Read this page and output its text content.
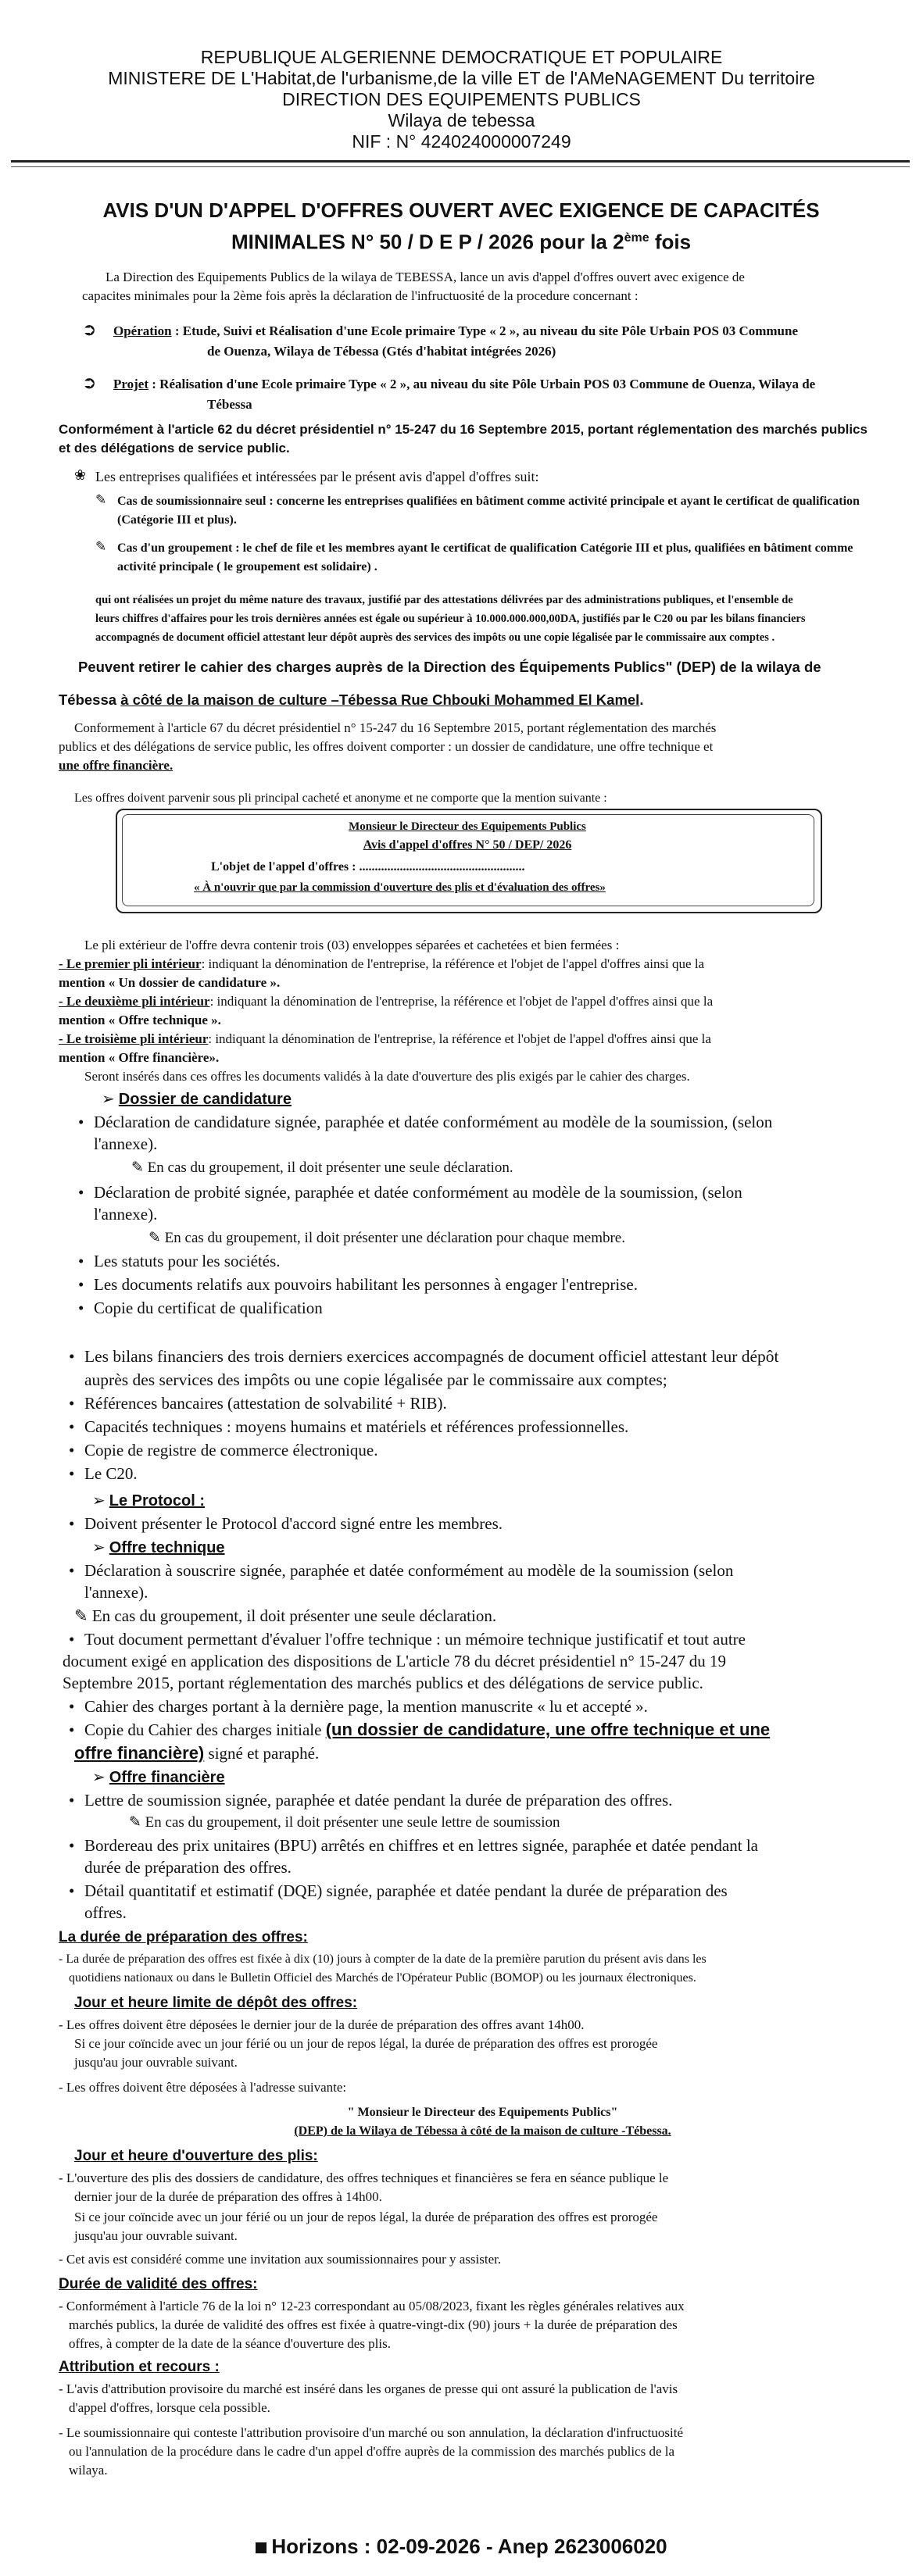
REPUBLIQUE ALGERIENNE DEMOCRATIQUE ET POPULAIRE
MINISTERE DE L'Habitat,de l'urbanisme,de la ville ET de l'AMeNAGEMENT Du territoire
DIRECTION DES EQUIPEMENTS PUBLICS
Wilaya de tebessa
NIF : N° 424024000007249
AVIS D'UN D'APPEL D'OFFRES OUVERT AVEC EXIGENCE DE CAPACITÉS
MINIMALES N° 50 / D E P / 2026 pour la 2ème fois
La Direction des Equipements Publics de la wilaya de TEBESSA, lance un avis d'appel d'offres ouvert avec exigence de
capacites minimales pour la 2ème fois après la déclaration de l'infructuosité de la procedure concernant :
➲ Opération : Etude, Suivi et Réalisation d'une Ecole primaire Type « 2 », au niveau du site Pôle Urbain POS 03 Commune
de Ouenza, Wilaya de Tébessa (Gtés d'habitat intégrées 2026)
➲ Projet : Réalisation d'une Ecole primaire Type « 2 », au niveau du site Pôle Urbain POS 03 Commune de Ouenza, Wilaya de
Tébessa
Conformément à l'article 62 du décret présidentiel n° 15-247 du 16 Septembre 2015, portant réglementation des marchés publics
et des délégations de service public.
❀ Les entreprises qualifiées et intéressées par le présent avis d'appel d'offres suit:
✎ Cas de soumissionnaire seul : concerne les entreprises qualifiées en bâtiment comme activité principale et ayant le certificat de qualification
(Catégorie III et plus).
✎ Cas d'un groupement : le chef de file et les membres ayant le certificat de qualification Catégorie III et plus, qualifiées en bâtiment comme
activité principale ( le groupement est solidaire) .
qui ont réalisées un projet du même nature des travaux, justifié par des attestations délivrées par des administrations publiques, et l'ensemble de
leurs chiffres d'affaires pour les trois dernières années est égale ou supérieur à 10.000.000.000,00DA, justifiés par le C20 ou par les bilans financiers
accompagnés de document officiel attestant leur dépôt auprès des services des impôts ou une copie légalisée par le commissaire aux comptes .
Peuvent retirer le cahier des charges auprès de la Direction des Équipements Publics" (DEP) de la wilaya de
Tébessa à côté de la maison de culture –Tébessa Rue Chbouki Mohammed El Kamel.
Conformement à l'article 67 du décret présidentiel n° 15-247 du 16 Septembre 2015, portant réglementation des marchés
publics et des délégations de service public, les offres doivent comporter : un dossier de candidature, une offre technique et
une offre financière.
Les offres doivent parvenir sous pli principal cacheté et anonyme et ne comporte que la mention suivante :
Monsieur le Directeur des Equipements Publics
Avis d'appel d'offres N° 50 / DEP/ 2026
L'objet de l'appel d'offres : .....................................................
« À n'ouvrir que par la commission d'ouverture des plis et d'évaluation des offres»
Le pli extérieur de l'offre devra contenir trois (03) enveloppes séparées et cachetées et bien fermées :
- Le premier pli intérieur: indiquant la dénomination de l'entreprise, la référence et l'objet de l'appel d'offres ainsi que la
mention « Un dossier de candidature ».
- Le deuxième pli intérieur: indiquant la dénomination de l'entreprise, la référence et l'objet de l'appel d'offres ainsi que la
mention « Offre technique ».
- Le troisième pli intérieur: indiquant la dénomination de l'entreprise, la référence et l'objet de l'appel d'offres ainsi que la
mention « Offre financière».
Seront insérés dans ces offres les documents validés à la date d'ouverture des plis exigés par le cahier des charges.
➢ Dossier de candidature
• Déclaration de candidature signée, paraphée et datée conformément au modèle de la soumission, (selon
l'annexe).
✎ En cas du groupement, il doit présenter une seule déclaration.
• Déclaration de probité signée, paraphée et datée conformément au modèle de la soumission, (selon
l'annexe).
✎ En cas du groupement, il doit présenter une déclaration pour chaque membre.
• Les statuts pour les sociétés.
• Les documents relatifs aux pouvoirs habilitant les personnes à engager l'entreprise.
• Copie du certificat de qualification
• Les bilans financiers des trois derniers exercices accompagnés de document officiel attestant leur dépôt
auprès des services des impôts ou une copie légalisée par le commissaire aux comptes;
• Références bancaires (attestation de solvabilité + RIB).
• Capacités techniques : moyens humains et matériels et références professionnelles.
• Copie de registre de commerce électronique.
• Le C20.
➢ Le Protocol :
• Doivent présenter le Protocol d'accord signé entre les membres.
➢ Offre technique
• Déclaration à souscrire signée, paraphée et datée conformément au modèle de la soumission (selon
l'annexe).
✎ En cas du groupement, il doit présenter une seule déclaration.
• Tout document permettant d'évaluer l'offre technique : un mémoire technique justificatif et tout autre
document exigé en application des dispositions de L'article 78 du décret présidentiel n° 15-247 du 19
Septembre 2015, portant réglementation des marchés publics et des délégations de service public.
• Cahier des charges portant à la dernière page, la mention manuscrite « lu et accepté ».
• Copie du Cahier des charges initiale (un dossier de candidature, une offre technique et une
offre financière) signé et paraphé.
➢ Offre financière
• Lettre de soumission signée, paraphée et datée pendant la durée de préparation des offres.
✎ En cas du groupement, il doit présenter une seule lettre de soumission
• Bordereau des prix unitaires (BPU) arrêtés en chiffres et en lettres signée, paraphée et datée pendant la
durée de préparation des offres.
• Détail quantitatif et estimatif (DQE) signée, paraphée et datée pendant la durée de préparation des
offres.
La durée de préparation des offres:
- La durée de préparation des offres est fixée à dix (10) jours à compter de la date de la première parution du présent avis dans les
quotidiens nationaux ou dans le Bulletin Officiel des Marchés de l'Opérateur Public (BOMOP) ou les journaux électroniques.
Jour et heure limite de dépôt des offres:
- Les offres doivent être déposées le dernier jour de la durée de préparation des offres avant 14h00.
Si ce jour coïncide avec un jour férié ou un jour de repos légal, la durée de préparation des offres est prorogée
jusqu'au jour ouvrable suivant.
- Les offres doivent être déposées à l'adresse suivante:
" Monsieur le Directeur des Equipements Publics"
(DEP) de la Wilaya de Tébessa à côté de la maison de culture -Tébessa.
Jour et heure d'ouverture des plis:
- L'ouverture des plis des dossiers de candidature, des offres techniques et financières se fera en séance publique le
dernier jour de la durée de préparation des offres à 14h00.
Si ce jour coïncide avec un jour férié ou un jour de repos légal, la durée de préparation des offres est prorogée
jusqu'au jour ouvrable suivant.
- Cet avis est considéré comme une invitation aux soumissionnaires pour y assister.
Durée de validité des offres:
- Conformément à l'article 76 de la loi n° 12-23 correspondant au 05/08/2023, fixant les règles générales relatives aux
marchés publics, la durée de validité des offres est fixée à quatre-vingt-dix (90) jours + la durée de préparation des
offres, à compter de la date de la séance d'ouverture des plis.
Attribution et recours :
- L'avis d'attribution provisoire du marché est inséré dans les organes de presse qui ont assuré la publication de l'avis
d'appel d'offres, lorsque cela possible.
- Le soumissionnaire qui conteste l'attribution provisoire d'un marché ou son annulation, la déclaration d'infructuosité
ou l'annulation de la procédure dans le cadre d'un appel d'offre auprès de la commission des marchés publics de la
wilaya.
Horizons : 02-09-2026 - Anep 2623006020
